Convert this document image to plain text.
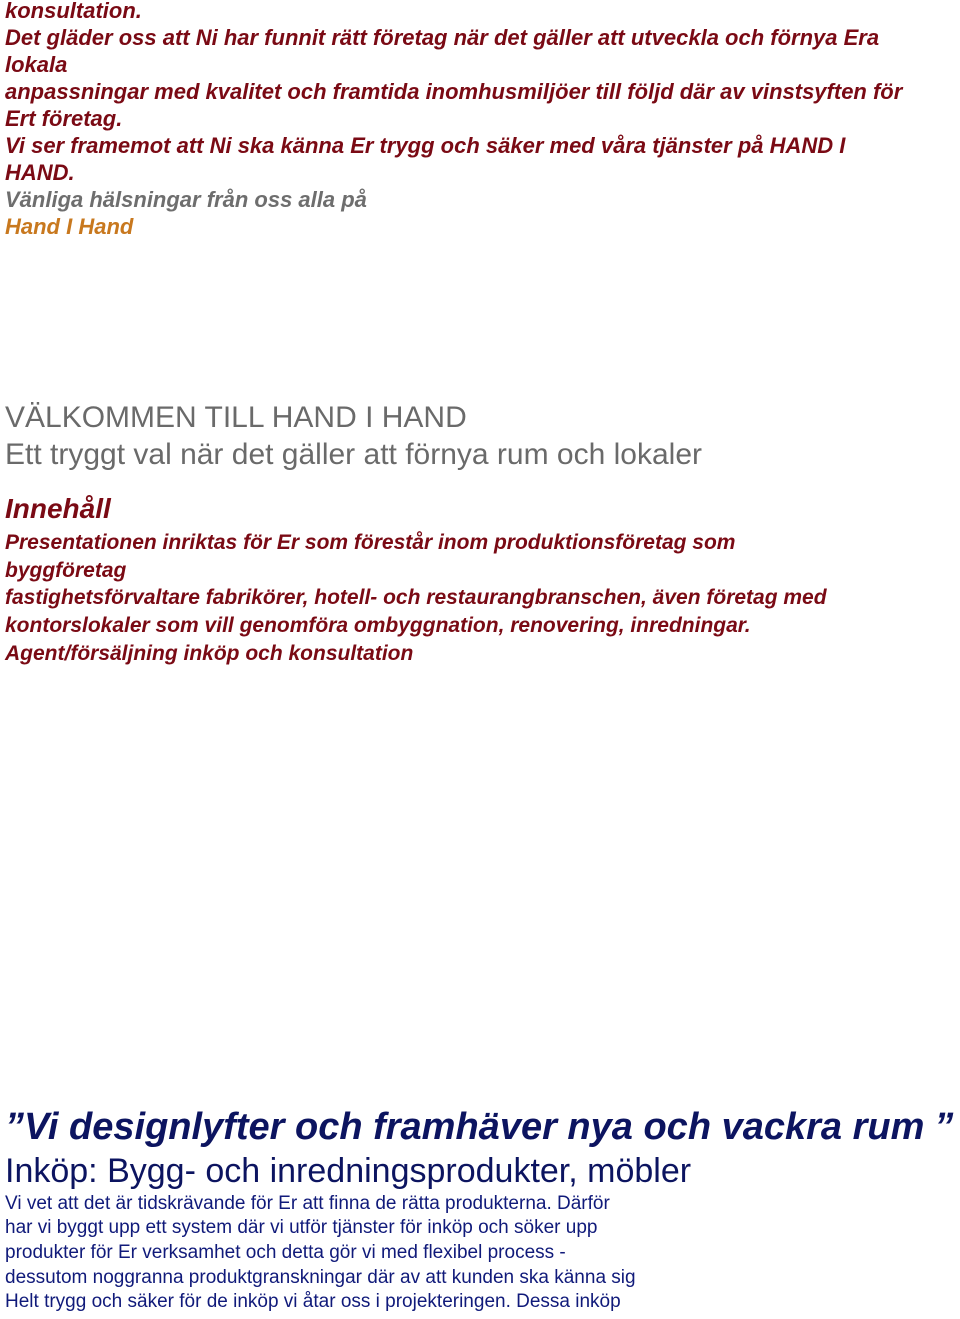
konsultation.
Det gläder oss att Ni har funnit rätt företag när det gäller att utveckla och förnya Era
lokala
anpassningar med kvalitet och framtida inomhusmiljöer till följd där av vinstsyften för
Ert företag.
Vi ser framemot att Ni ska känna Er trygg och säker med våra tjänster på HAND I
HAND.
Vänliga hälsningar från oss alla på
Hand I Hand
VÄLKOMMEN TILL HAND I HAND
Ett tryggt val när det gäller att förnya rum och lokaler
Innehåll
Presentationen inriktas för Er som förestår inom produktionsföretag som
byggföretag
fastighetsförvaltare fabrikörer, hotell- och restaurangbranschen, även företag med
kontorslokaler som vill genomföra ombyggnation, renovering, inredningar.
Agent/försäljning inköp och konsultation
”Vi designlyfter och framhäver nya och vackra rum ”
Inköp: Bygg- och inredningsprodukter, möbler
Vi vet att det är tidskrävande för Er att finna de rätta produkterna. Därför
har vi byggt upp ett system där vi utför tjänster för inköp och söker upp
produkter för Er verksamhet och detta gör vi med flexibel process -
dessutom noggranna produktgranskningar där av att kunden ska känna sig
Helt trygg och säker för de inköp vi åtar oss i projekteringen. Dessa inköp
